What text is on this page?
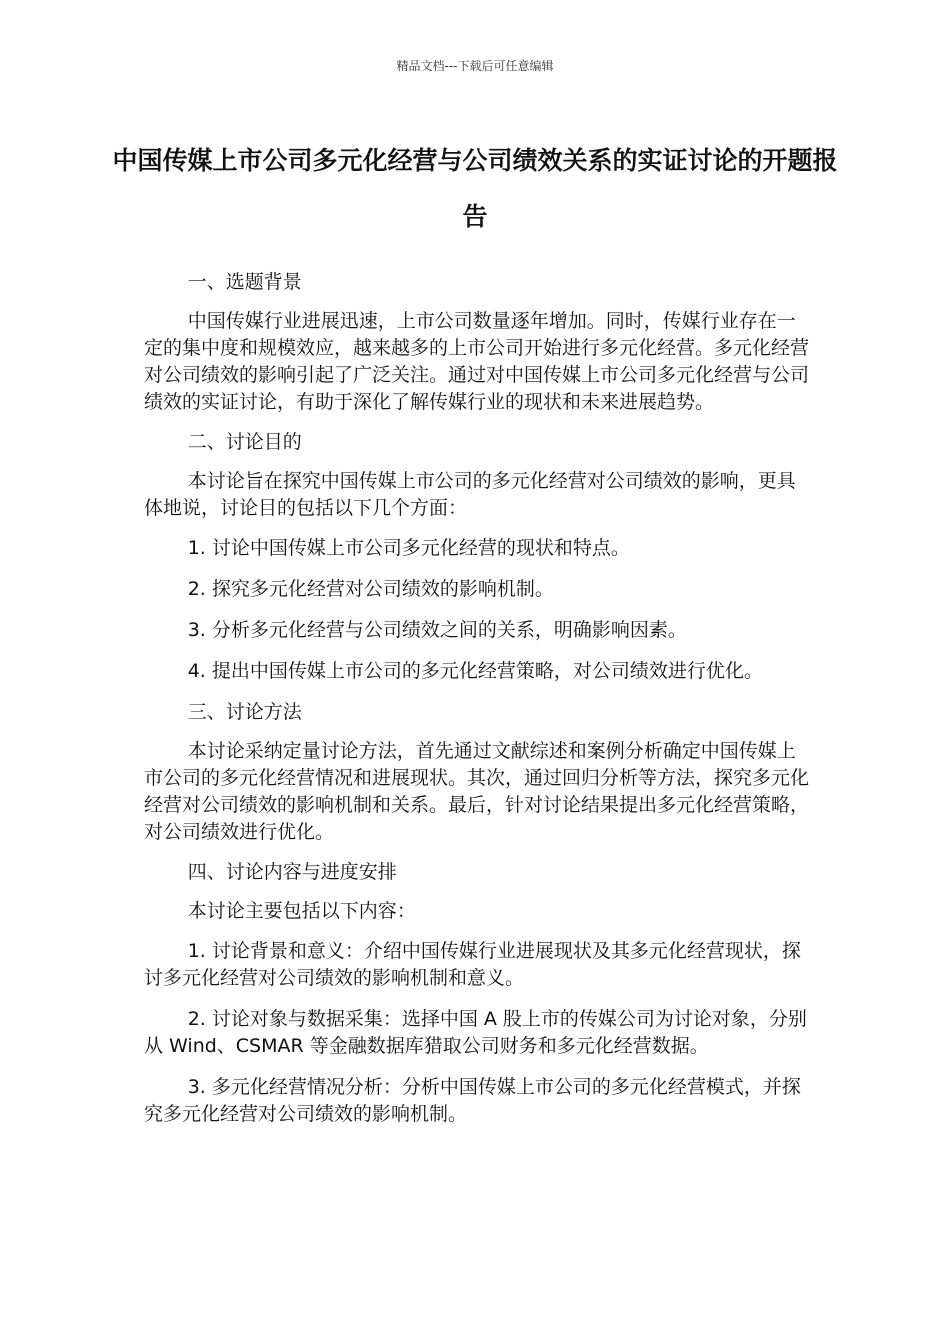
精品文档---下载后可任意编辑
中国传媒上市公司多元化经营与公司绩效关系的实证讨论的开题报告

一、选题背景

中国传媒行业进展迅速，上市公司数量逐年增加。同时，传媒行业存在一定的集中度和规模效应，越来越多的上市公司开始进行多元化经营。多元化经营对公司绩效的影响引起了广泛关注。通过对中国传媒上市公司多元化经营与公司绩效的实证讨论，有助于深化了解传媒行业的现状和未来进展趋势。

二、讨论目的

本讨论旨在探究中国传媒上市公司的多元化经营对公司绩效的影响，更具体地说，讨论目的包括以下几个方面：

1. 讨论中国传媒上市公司多元化经营的现状和特点。

2. 探究多元化经营对公司绩效的影响机制。

3. 分析多元化经营与公司绩效之间的关系，明确影响因素。

4. 提出中国传媒上市公司的多元化经营策略，对公司绩效进行优化。

三、讨论方法

本讨论采纳定量讨论方法，首先通过文献综述和案例分析确定中国传媒上市公司的多元化经营情况和进展现状。其次，通过回归分析等方法，探究多元化经营对公司绩效的影响机制和关系。最后，针对讨论结果提出多元化经营策略，对公司绩效进行优化。

四、讨论内容与进度安排

本讨论主要包括以下内容：

1. 讨论背景和意义：介绍中国传媒行业进展现状及其多元化经营现状，探讨多元化经营对公司绩效的影响机制和意义。

2. 讨论对象与数据采集：选择中国 A 股上市的传媒公司为讨论对象，分别从 Wind、CSMAR 等金融数据库猎取公司财务和多元化经营数据。

3. 多元化经营情况分析：分析中国传媒上市公司的多元化经营模式，并探究多元化经营对公司绩效的影响机制。
